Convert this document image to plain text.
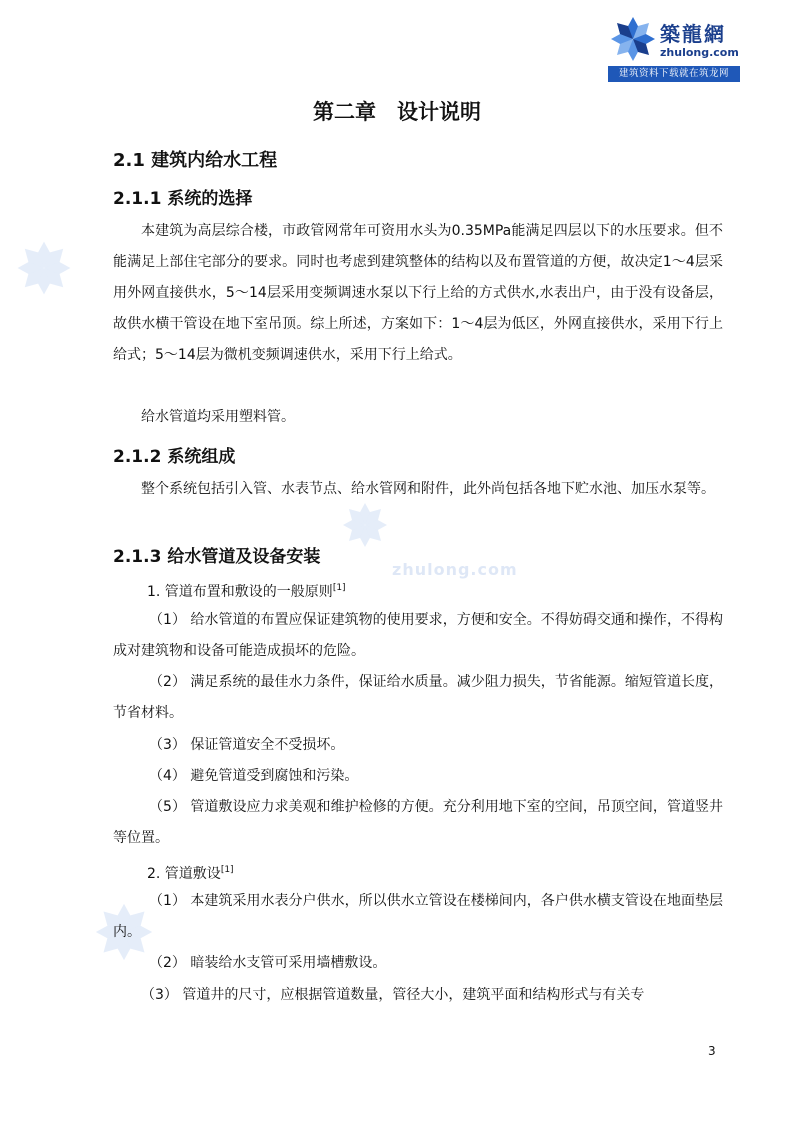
築龍網
zhulong.com
建筑资料下载就在筑龙网
zhulong.com
第二章　设计说明
2.1 建筑内给水工程
2.1.1 系统的选择
本建筑为高层综合楼，市政管网常年可资用水头为0.35MPa能满足四层以下的水压要求。但不能满足上部住宅部分的要求。同时也考虑到建筑整体的结构以及布置管道的方便，故决定1～4层采用外网直接供水，5～14层采用变频调速水泵以下行上给的方式供水,水表出户，由于没有设备层，故供水横干管设在地下室吊顶。综上所述，方案如下：1～4层为低区，外网直接供水，采用下行上给式；5～14层为微机变频调速供水，采用下行上给式。
给水管道均采用塑料管。
2.1.2 系统组成
整个系统包括引入管、水表节点、给水管网和附件，此外尚包括各地下贮水池、加压水泵等。
2.1.3 给水管道及设备安装
1. 管道布置和敷设的一般原则[1]
（1） 给水管道的布置应保证建筑物的使用要求，方便和安全。不得妨碍交通和操作，不得构成对建筑物和设备可能造成损坏的危险。
（2） 满足系统的最佳水力条件，保证给水质量。减少阻力损失，节省能源。缩短管道长度，节省材料。
（3） 保证管道安全不受损坏。
（4） 避免管道受到腐蚀和污染。
（5） 管道敷设应力求美观和维护检修的方便。充分利用地下室的空间，吊顶空间，管道竖井等位置。
2. 管道敷设[1]
（1） 本建筑采用水表分户供水，所以供水立管设在楼梯间内，各户供水横支管设在地面垫层内。
（2） 暗装给水支管可采用墙槽敷设。
（3） 管道井的尺寸，应根据管道数量，管径大小，建筑平面和结构形式与有关专
3
